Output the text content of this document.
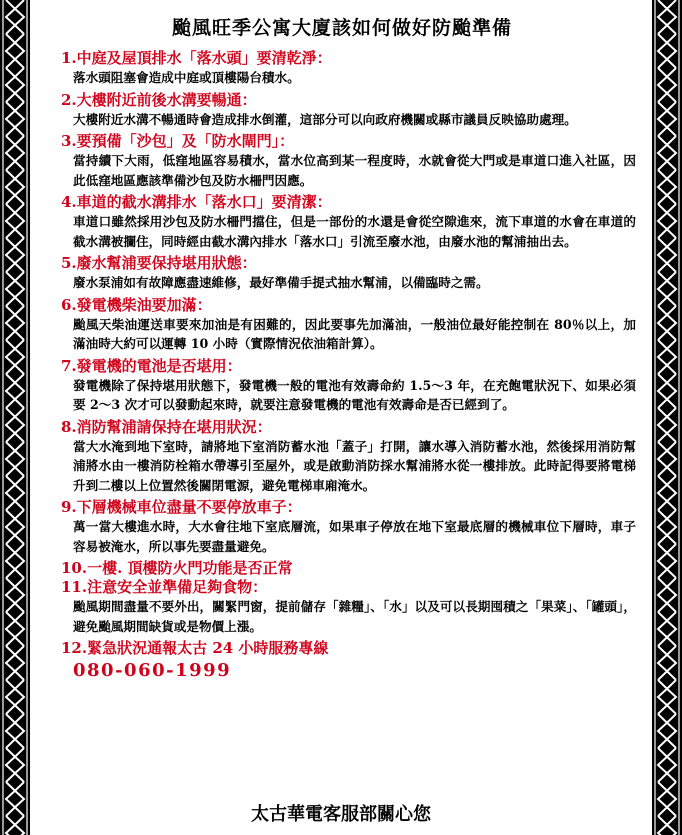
颱風旺季公寓大廈該如何做好防颱準備
1.中庭及屋頂排水「落水頭」要清乾淨：
落水頭阻塞會造成中庭或頂樓陽台積水。
2.大樓附近前後水溝要暢通：
大樓附近水溝不暢通時會造成排水倒灌，這部分可以向政府機關或縣市議員反映協助處理。
3.要預備「沙包」及「防水閘門」：
當持續下大雨，低窪地區容易積水，當水位高到某一程度時，水就會從大門或是車道口進入社區，因此低窪地區應該準備沙包及防水柵門因應。
4.車道的截水溝排水「落水口」要清潔：
車道口雖然採用沙包及防水柵門擋住，但是一部份的水還是會從空隙進來，流下車道的水會在車道的截水溝被攔住，同時經由截水溝內排水「落水口」引流至廢水池，由廢水池的幫浦抽出去。
5.廢水幫浦要保持堪用狀態：
廢水泵浦如有故障應盡速維修，最好準備手提式抽水幫浦，以備臨時之需。
6.發電機柴油要加滿：
颱風天柴油運送車要來加油是有困難的，因此要事先加滿油，一般油位最好能控制在 80％以上，加滿油時大約可以運轉 10 小時（實際情況依油箱計算）。
7.發電機的電池是否堪用：
發電機除了保持堪用狀態下，發電機一般的電池有效壽命約 1.5～3 年，在充飽電狀況下、如果必須要 2～3 次才可以發動起來時，就要注意發電機的電池有效壽命是否已經到了。
8.消防幫浦請保持在堪用狀況：
當大水淹到地下室時，請將地下室消防蓄水池「蓋子」打開，讓水導入消防蓄水池，然後採用消防幫浦將水由一樓消防栓箱水帶導引至屋外，或是啟動消防採水幫浦將水從一樓排放。此時記得要將電梯升到二樓以上位置然後關閉電源，避免電梯車廂淹水。
9.下層機械車位盡量不要停放車子：
萬一當大樓進水時，大水會往地下室底層流，如果車子停放在地下室最底層的機械車位下層時，車子容易被淹水，所以事先要盡量避免。
10.一樓. 頂樓防火門功能是否正常
11.注意安全並準備足夠食物：
颱風期間盡量不要外出，關緊門窗，提前儲存「雜糧」、「水」以及可以長期囤積之「果菜」、「罐頭」，避免颱風期間缺貨或是物價上漲。
12.緊急狀況通報太古 24 小時服務專線
080-060-1999
太古華電客服部關心您
